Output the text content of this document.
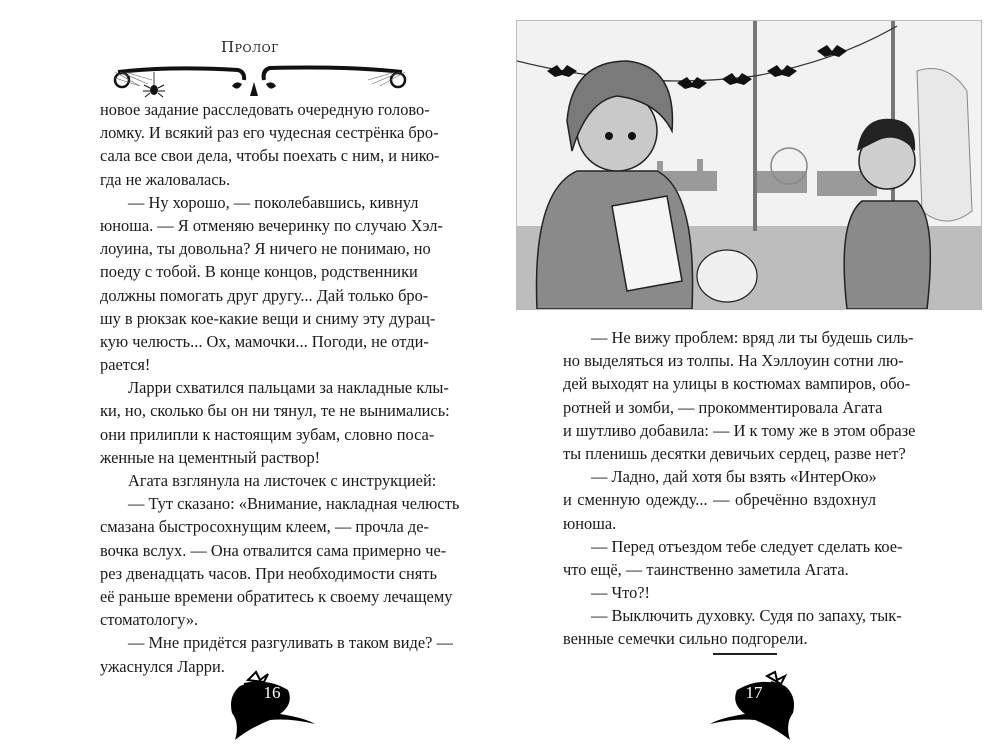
Пролог
новое задание расследовать очередную голово-
ломку. И всякий раз его чудесная сестрёнка бро-
сала все свои дела, чтобы поехать с ним, и нико-
гда не жаловалась.
— Ну хорошо, — поколебавшись, кивнул
юноша. — Я отменяю вечеринку по случаю Хэл-
лоуина, ты довольна? Я ничего не понимаю, но
поеду с тобой. В конце концов, родственники
должны помогать друг другу... Дай только бро-
шу в рюкзак кое-какие вещи и сниму эту дурац-
кую челюсть... Ох, мамочки... Погоди, не отди-
рается!
Ларри схватился пальцами за накладные клы-
ки, но, сколько бы он ни тянул, те не вынимались:
они прилипли к настоящим зубам, словно поса-
женные на цементный раствор!
Агата взглянула на листочек с инструкцией:
— Тут сказано: «Внимание, накладная челюсть
смазана быстросохнущим клеем, — прочла де-
вочка вслух. — Она отвалится сама примерно че-
рез двенадцать часов. При необходимости снять
её раньше времени обратитесь к своему лечащему
стоматологу».
— Мне придётся разгуливать в таком виде? —
ужаснулся Ларри.
16
— Не вижу проблем: вряд ли ты будешь силь-
но выделяться из толпы. На Хэллоуин сотни лю-
дей выходят на улицы в костюмах вампиров, обо-
ротней и зомби, — прокомментировала Агата
и шутливо добавила: — И к тому же в этом образе
ты пленишь десятки девичьих сердец, разве нет?
— Ладно, дай хотя бы взять «ИнтерОко»
и сменную одежду... — обречённо вздохнул
юноша.
— Перед отъездом тебе следует сделать кое-
что ещё, — таинственно заметила Агата.
— Что?!
— Выключить духовку. Судя по запаху, тык-
венные семечки сильно подгорели.
17
